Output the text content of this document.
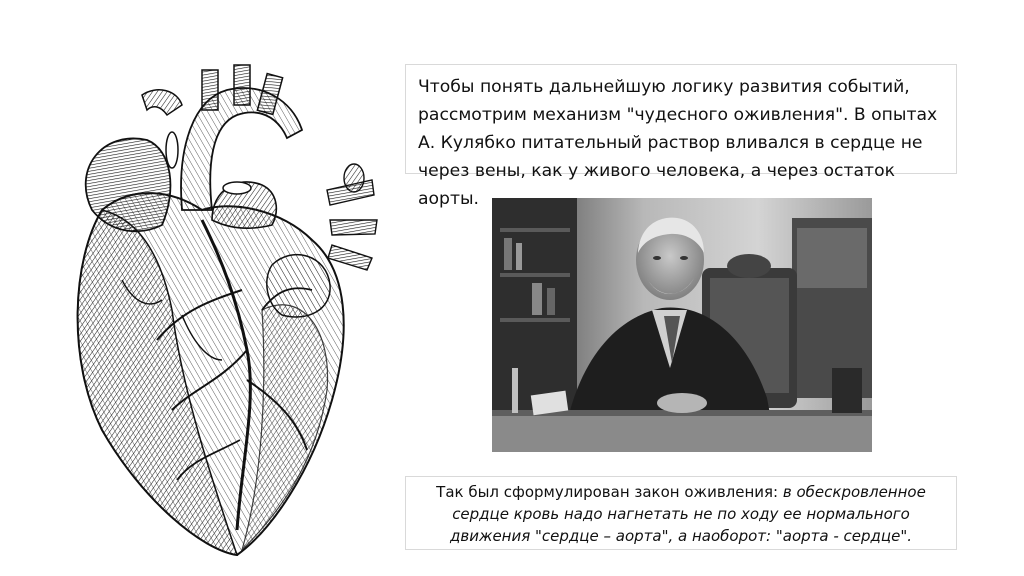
Чтобы понять дальнейшую логику развития событий,

рассмотрим механизм "чудесного оживления". В опытах

А. Кулябко питательный раствор вливался в сердце не

через вены, как у живого человека, а через остаток аорты.

Так был сформулирован закон оживления: в обескровленное
сердце кровь надо нагнетать не по ходу ее нормального
движения "сердце – аорта", а наоборот: "аорта - сердце".
